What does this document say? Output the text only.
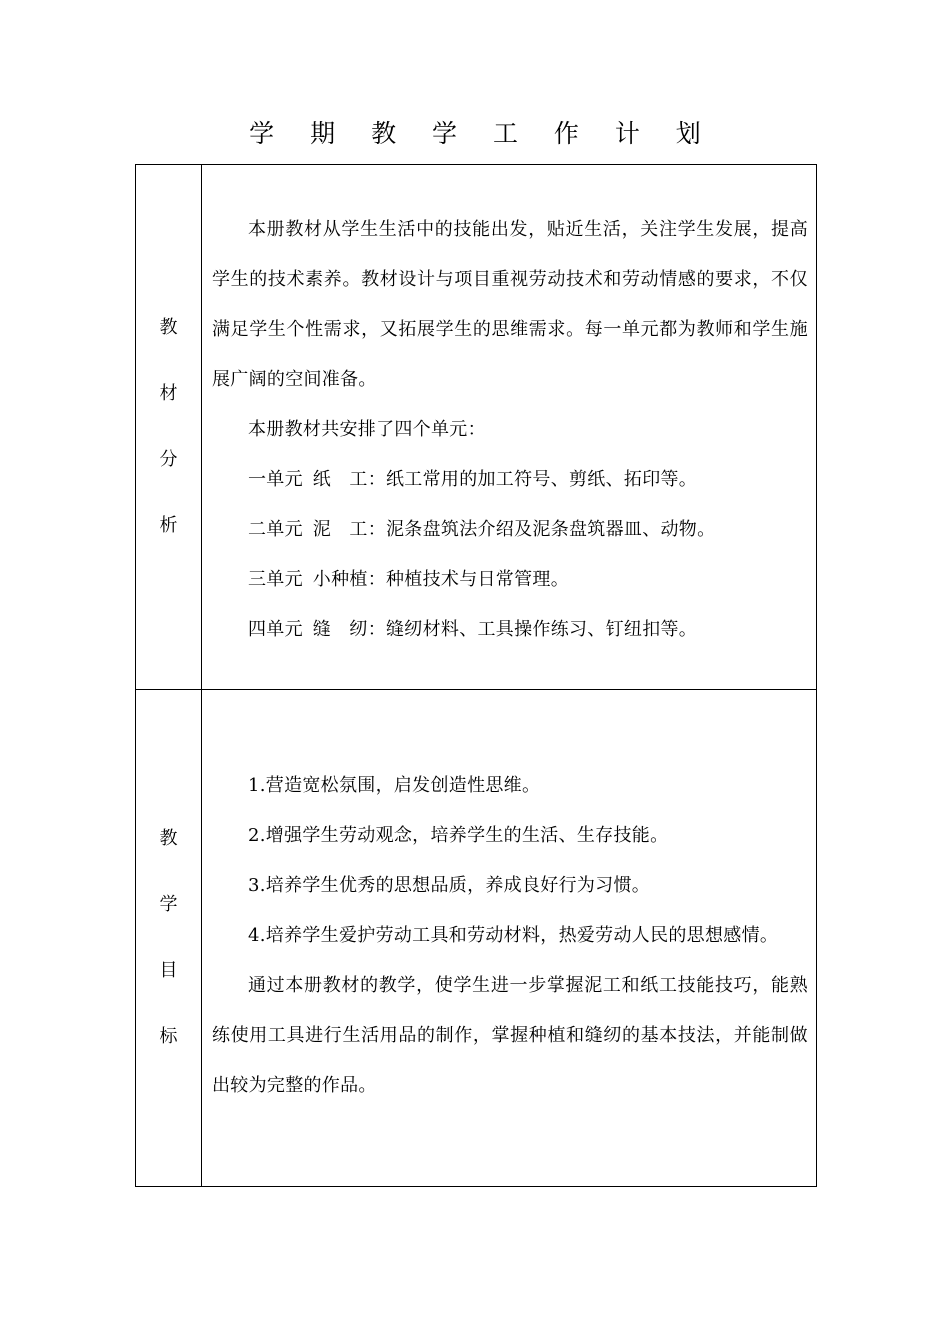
学 期 教 学 工 作 计 划
教
材
分
析

本册教材从学生生活中的技能出发，贴近生活，关注学生发展，提高学生的技术素养。教材设计与项目重视劳动技术和劳动情感的要求，不仅满足学生个性需求，又拓展学生的思维需求。每一单元都为教师和学生施展广阔的空间准备。

本册教材共安排了四个单元：

一单元 纸　工：纸工常用的加工符号、剪纸、拓印等。

二单元 泥　工：泥条盘筑法介绍及泥条盘筑器皿、动物。

三单元 小种植：种植技术与日常管理。

四单元 缝　纫：缝纫材料、工具操作练习、钉纽扣等。

教
学
目
标

1.营造宽松氛围，启发创造性思维。

2.增强学生劳动观念，培养学生的生活、生存技能。

3.培养学生优秀的思想品质，养成良好行为习惯。

4.培养学生爱护劳动工具和劳动材料，热爱劳动人民的思想感情。

通过本册教材的教学，使学生进一步掌握泥工和纸工技能技巧，能熟练使用工具进行生活用品的制作，掌握种植和缝纫的基本技法，并能制做出较为完整的作品。
